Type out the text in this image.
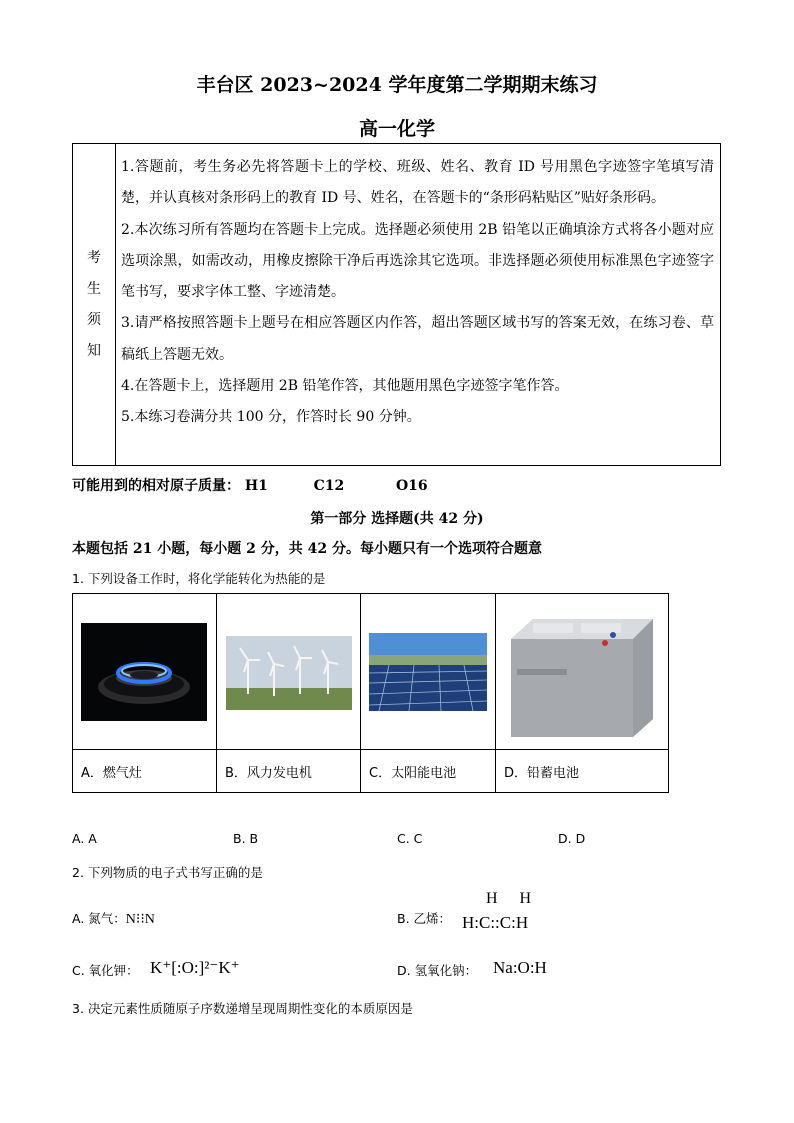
丰台区 2023~2024 学年度第二学期期末练习
高一化学
考
生
须
知

1.答题前，考生务必先将答题卡上的学校、班级、姓名、教育 ID 号用黑色字迹签字笔填写清楚，并认真核对条形码上的教育 ID 号、姓名，在答题卡的“条形码粘贴区”贴好条形码。

2.本次练习所有答题均在答题卡上完成。选择题必须使用 2B 铅笔以正确填涂方式将各小题对应选项涂黑，如需改动，用橡皮擦除干净后再选涂其它选项。非选择题必须使用标准黑色字迹签字笔书写，要求字体工整、字迹清楚。

3.请严格按照答题卡上题号在相应答题区内作答，超出答题区域书写的答案无效，在练习卷、草稿纸上答题无效。

4.在答题卡上，选择题用 2B 铅笔作答，其他题用黑色字迹签字笔作答。

5.本练习卷满分共 100 分，作答时长 90 分钟。

可能用到的相对原子质量： H1	C12	O16
第一部分 选择题(共 42 分)
本题包括 21 小题，每小题 2 分，共 42 分。每小题只有一个选项符合题意
1. 下列设备工作时，将化学能转化为热能的是

A．燃气灶	B．风力发电机	C．太阳能电池	D．铅蓄电池
A. A	B. B	C. C	D. D
2. 下列物质的电子式书写正确的是
A. 氮气：N⁝⁝N	B. 乙烯：
H H
H:C::C:H
C. 氧化钾： K⁺[:O:]²⁻K⁺	D. 氢氧化钠： Na:O:H
3. 决定元素性质随原子序数递增呈现周期性变化的本质原因是
